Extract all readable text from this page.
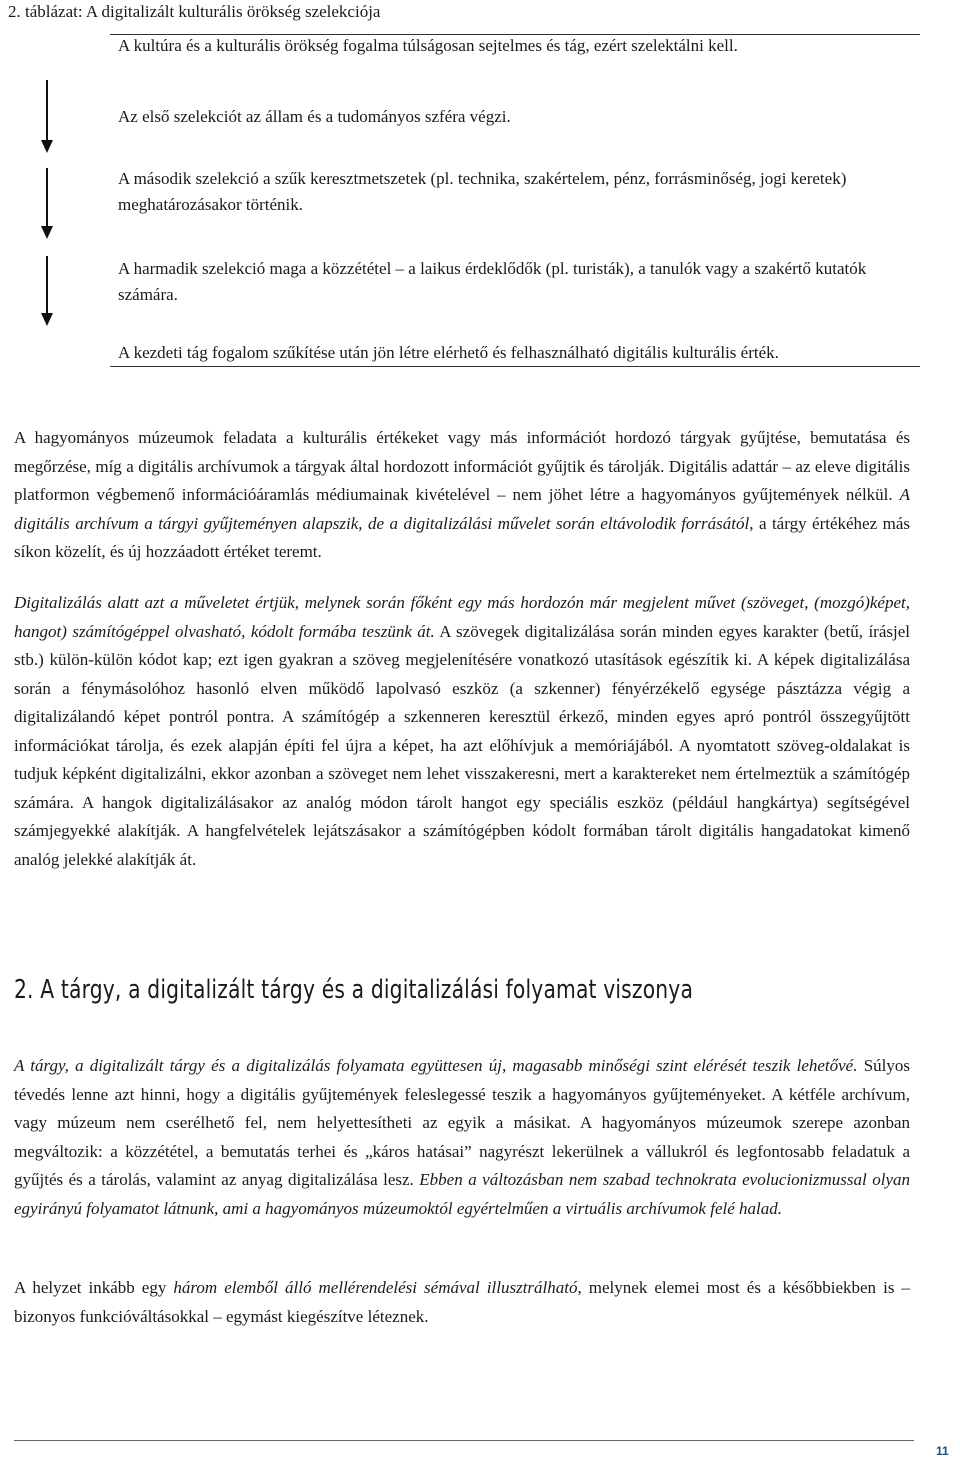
2. táblázat: A digitalizált kulturális örökség szelekciója
A kultúra és a kulturális örökség fogalma túlságosan sejtelmes és tág, ezért szelektálni kell.
Az első szelekciót az állam és a tudományos szféra végzi.
A második szelekció a szűk keresztmetszetek (pl. technika, szakértelem, pénz, forrásminőség, jogi keretek) meghatározásakor történik.
A harmadik szelekció maga a közzététel – a laikus érdeklődők (pl. turisták), a tanulók vagy a szakértő kutatók számára.
A kezdeti tág fogalom szűkítése után jön létre elérhető és felhasználható digitális kulturális érték.

A hagyományos múzeumok feladata a kulturális értékeket vagy más információt hordozó tárgyak gyűjtése, bemutatása és megőrzése, míg a digitális archívumok a tárgyak által hordozott információt gyűjtik és tárolják. Digitális adattár – az eleve digitális platformon végbemenő információáramlás médiumainak kivételével – nem jöhet létre a hagyományos gyűjtemények nélkül. A digitális archívum a tárgyi gyűjteményen alapszik, de a digitalizálási művelet során eltávolodik forrásától, a tárgy értékéhez más síkon közelít, és új hozzáadott értéket teremt.

Digitalizálás alatt azt a műveletet értjük, melynek során főként egy más hordozón már megjelent művet (szöveget, (mozgó)képet, hangot) számítógéppel olvasható, kódolt formába teszünk át. A szövegek digitalizálása során minden egyes karakter (betű, írásjel stb.) külön-külön kódot kap; ezt igen gyakran a szöveg megjelenítésére vonatkozó utasítások egészítik ki. A képek digitalizálása során a fénymásolóhoz hasonló elven működő lapolvasó eszköz (a szkenner) fényérzékelő egysége pásztázza végig a digitalizálandó képet pontról pontra. A számítógép a szkenneren keresztül érkező, minden egyes apró pontról összegyűjtött információkat tárolja, és ezek alapján építi fel újra a képet, ha azt előhívjuk a memóriájából. A nyomtatott szöveg-oldalakat is tudjuk képként digitalizálni, ekkor azonban a szöveget nem lehet visszakeresni, mert a karaktereket nem értelmeztük a számítógép számára. A hangok digitalizálásakor az analóg módon tárolt hangot egy speciális eszköz (például hangkártya) segítségével számjegyekké alakítják. A hangfelvételek lejátszásakor a számítógépben kódolt formában tárolt digitális hangadatokat kimenő analóg jelekké alakítják át.

2. A tárgy, a digitalizált tárgy és a digitalizálási folyamat viszonya

A tárgy, a digitalizált tárgy és a digitalizálás folyamata együttesen új, magasabb minőségi szint elérését teszik lehetővé. Súlyos tévedés lenne azt hinni, hogy a digitális gyűjtemények feleslegessé teszik a hagyományos gyűjteményeket. A kétféle archívum, vagy múzeum nem cserélhető fel, nem helyettesítheti az egyik a másikat. A hagyományos múzeumok szerepe azonban megváltozik: a közzététel, a bemutatás terhei és „káros hatásai” nagyrészt lekerülnek a vállukról és legfontosabb feladatuk a gyűjtés és a tárolás, valamint az anyag digitalizálása lesz. Ebben a változásban nem szabad technokrata evolucionizmussal olyan egyirányú folyamatot látnunk, ami a hagyományos múzeumoktól egyértelműen a virtuális archívumok felé halad.

A helyzet inkább egy három elemből álló mellérendelési sémával illusztrálható, melynek elemei most és a későbbiekben is – bizonyos funkcióváltásokkal – egymást kiegészítve léteznek.

11
